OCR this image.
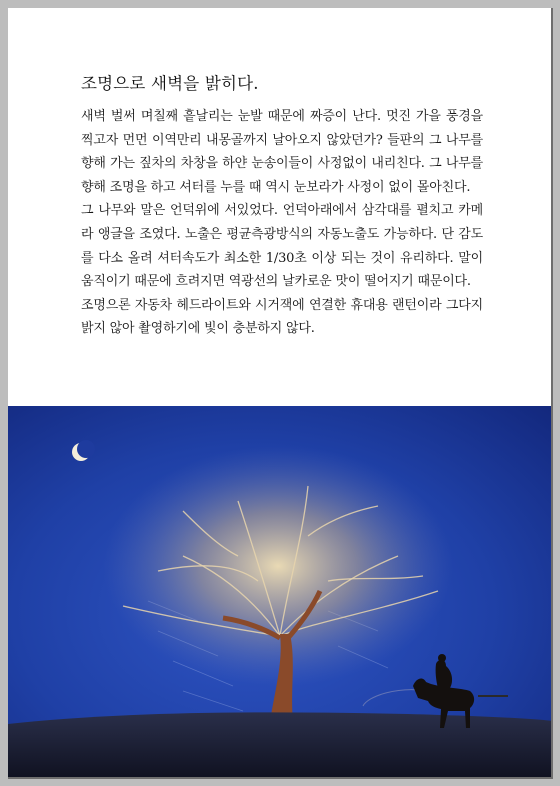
조명으로 새벽을 밝히다.

새벽 벌써 며칠째 흩날리는 눈발 때문에 짜증이 난다. 멋진 가을 풍경을 찍고자 먼먼 이역만리 내몽골까지 날아오지 않았던가? 들판의 그 나무를 향해 가는 짚차의 차창을 하얀 눈송이들이 사정없이 내리친다. 그 나무를 향해 조명을 하고 셔터를 누를 때 역시 눈보라가 사정이 없이 몰아친다.

그 나무와 말은 언덕위에 서있었다. 언덕아래에서 삼각대를 펼치고 카메라 앵글을 조였다. 노출은 평균측광방식의 자동노출도 가능하다. 단 감도를 다소 올려 셔터속도가 최소한 1/30초 이상 되는 것이 유리하다. 말이 움직이기 때문에 흐려지면 역광선의 날카로운 맛이 떨어지기 때문이다.

조명으론 자동차 헤드라이트와 시거잭에 연결한 휴대용 랜턴이라 그다지 밝지 않아 촬영하기에 빛이 충분하지 않다.
